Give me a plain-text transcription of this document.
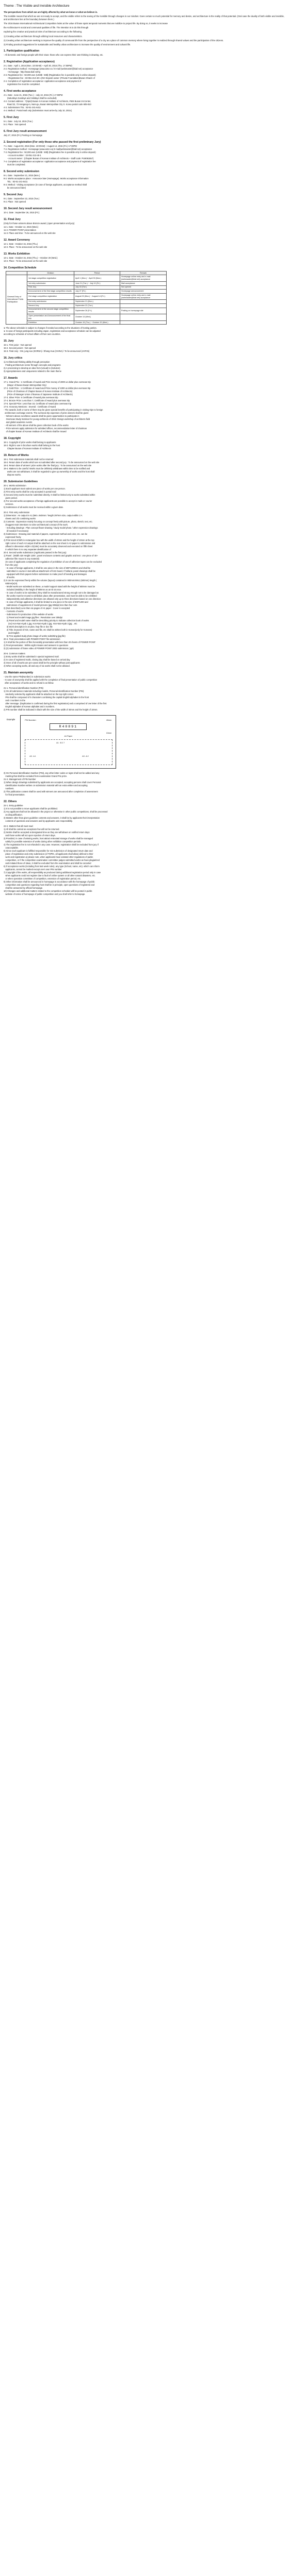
Theme : The Visible and Invisible Architecture

The perspectives from which we are highly affected by what we know or what we believe in.

The invisible means that which we are not ready to accept, and the visible refers to the seeing of the invisible through changes in our mindset. Goes certain so much potential for memory and desire, and architecture is the reality of that potential. (Oral case the duality of both visible and invisible, and architecture lies at the boundary between them.)

The 2016 Busan International Architectural Competition looks at the value of those spots temporal moments that we mobilize to project life. By doing so, it seeks to increase

the Architecture's social and communal qualities of life. The intention is to do this through

exploring the creative and practical roles of architecture according to the following.

1) Creating urban architecture through utilizing local resources and characteristics.

2) Creating urban architecture seeking to improve the quality of communal life from the perspective of a city as a place of common memory where living together is realized through shared values and the participation of the citizens.

3) Finding practical suggestions for sustainable and healthy urban architecture to increase the quality of environment and cultural life.

1. Participation qualification
- All domestic and foreign people with their visas: those who can express their own thinking in drawing, etc.
2. Registration (Application acceptance)
2-1. Date : April 1, 2016 (Mon. 10:00AM) ~ April 30, 2016 (Thu. 17:00PM)
2-2. Registration method : Homepage (www.aimz.eu / E-mail (webmaster@biaf.net) acceptance
- Homepage : http://www.biaf.net/rg
2-3. Registration fee : 50,000 won (USD$ : 50$) (Registration fee is possible only in online deposit)
- Registration fee : 33-051-213-40-1 (NH Deposit owner: (Private Foundation)Busan Shanzi of
2-4. Completion of registration acceptance: Application acceptance and payment of
registration fee must be completed.
4. First works acceptance
4-1. Date : June 21, 2015 (Tue.) ~ July 10, 2015 (Fri.) 17:00PM
(Saturdays Sundays and Holidays shall be excluded)
4-2. Contact address : 7(zipid) Busan in Korean Institute of Architects, #504 Busan Int.Center,
Road 22, 72 Hangang-ro, Nam-gu, Busan Metropolitan City S. Korea postal code 605-810
4-3. Submissions TEL : 82-51-241-6411
4-4. Method : Postal mail only (Submission must arrive by July 10, 2015.)
5. First Jury
5-1. Date : July 18, 2015 (Tue.)
5-2. Place : Not opened
6. First Jury result announcement
July 27, 2015 (Fri.) Posting on homepage
2. Second registration (For only those who passed the first preliminary Jury)
7-1. Date : August 03, 2015 (Mon. 10:00AM) ~ August 14, 2015 (Fri.) 17:00PM
7-2. Registration method : Homepage (www.aimz.eu) E-mail(webmaster@biaf.net) acceptance
7-3. Registration fee : 50,000 won (USD$ : 50$) (Registration fee is possible only in online deposit)
- Account number : 33-051-213-40-1
- Account owner : (Chapter Busan of Korean Institute of Architects + Staff code: PU9091557)
7-4. Completion of registration acceptance: Application acceptance and payment of registration fee
must be completed.
8. Second entry submission
8-1. Date : September 21, 2015 (Mon.)
8-2. Works acceptance place : Announce later (Homepage). Works acceptance information
TEL : 82-51-241-6411
8-3. Method : Visiting acceptance (in case of foreign applicants, acceptance method shall
be announced later)
9. Second Jury
9-1. Date : September 22, 2015 (Tue.)
9-2. Place : Not opened
10. Second Jury result announcement
10-1. Date : September 26, 2015 (Fri.)
11. Final Jury
(Only for those winners above Bronze award, (open presentation and jury)
11-1. Date : October 14, 2015 (Wed.)
11-2. POWER POINT presentation
11-3. Place and time : To be announced on the web site
12. Award Ceremony
12-1. Date : October 15, 2015 (Thu.)
12-2. Place : To be announced on the web site
13. Works Exhibition
13-1. Date : October 15, 2015 (Thu.) ~ October 20 (Wed.)
13-2. Place : To be announced on the web site
14. Competition Schedule
	Division	Period	Remark
General Entry of International Public Participation	1st stage competition registration	April 1 (Mon.) ~ April 30 (Mon.)	Homepage online entry and e-mail (webmaster@biaf.net) acceptance
	1st entry submission	June 21 (Tue.) ~ July 10 (Fri.)	Mail acceptance
	First Jury	July 18 (Tue.)	Not opened
	Announcement of the first stage competition results	July 27 (Fri.)	Homepage announcement
	2nd stage competition registration	August 03 (Mon.) ~ August 14 (Fri.)	Homepage online entry and e-mail (webmaster@biaf.net) acceptance
	2nd entry submission	September 21 (Mon.)	
	Second Jury	September 22 (Tue.)	
	Announcement of the second stage competition results	September 26 (Fri.)	Posting on homepage site
	Open presentation and Announcement of the final jury	October 14 (Wed.)	
	Exhibition	October 15 (Thu.) ~ October 20 (Wed.)	
※ The above schedule is subject to changes if needed according to the situations of hosting parties.
※ In case of foreign participants including Japan, registration and acceptance schedule can be adjusted
according to schedule of school affairs of their own countries.
15. Jury
15-1. First junior : Not opened
15-2. Second juniors : Not opened
15-3. Final Jury : Ont, jung-soo (KOREA) / Zhang Hua (CHINA) / To be announced (JAPAN)
16. Jury critics
1) Architectural thinking ability through perception
Finding architecture vector through concepts and programs
2) A processing to develop an idea from (visual) to (Solution)
3) Appropriateness and uniqueness related to the main theme
17. Awards
17-1. Grand Prix : 1 Certificate of Award and Prize money of 2000 us dollar plus overseas trip
(Mayor of Busan Busan Metropolitan City)
17-2. Gold Prize : 1 Certificate of Award and Prize money of 1000 us dollar plus overseas trip
(Prize of Chairman of Chapter Busan of Korean Institute of Architects)
(Prize of Manager Union of Bureau of Japanese Institute of Architects)
17-3. Silver Prize: 6 Certificate of Award plus overseas trip
17-4. Bronze Prize: Less than 7, Certificate of Award plus overseas trip
17-5. Special Prize: Less than 18, Certificate of Award plus overseas trip
17-6. Honorary Mentions : Several : Certificate of Award
- The awards, both or some of them may be given special benefits of participating in visiting trips to foreign
architecture exchange events. The overseas trip expenses of prize winners shall be given:
- Winners above excellence awards shall be given opportunities to participate in
Overseas Study Seminar for young architects of 2015: Design workshop of architects field
and global academic events
- All winners of the above shall be given collection book of the works
- Prize winners apply admission for admitted offices, recommendation letter of chairman
of chapter Busan of Korean Institute of Architects shall be issued
18. Copyright
18-1. Copyright of prize works shall belong to applicants
18-2. Right to use in brochure works shall belong to the host
Chapter Busan of Korean Institute of Architects
19. Return of Works
19-1. First submission materials shall not be returned
19-2. Return date of works which are not admitted after second jury : To be announced on the web site
19-3. Return date of winners' prize works after the final jury : To be announced on the web site
19-4. Matters to be careful: Works must be definitely withdrawn within time to be notified and
works are not withdrawn, it shall be regarded to give up ownership of works and the host shall
dispose works.
20. Submission Guidelines
20-1. Works submission
1) Each applicant must submit one piece of works per one person.
2) First entry works shall be only accepted in postal mail
3) Second entry works must be submitted directly. It shall be limited only to works submitted within
given period.
4) For second works acceptance of foreign applicants are possible to accept in mails or courier
services.
5) Submission of all works must be received within a given date.
20-2. First entry submission
1) Dimension : An output in A1 (594 x 840mm / length 297mm size, output within 2 A
sheets and 2/2 combining works
2) Contents : Expression mainly focusing on concept freely with picture, photo, sketch, text, etc.
(Suggest main intentions to solve architectural concept of the work.
- Including drawings : Plan concept flower drawing / study model photo / other expression drawings
(if needed if necessary)
3) Submission : Drawing and material of papers, expressed method and color, etc. can be
expressed freely.
4) Print sized 2/3Wh is rectangular box with the width of 40mm and the height of 10mm at the top
right corner of each A3 output shall be attached on the rear sheet in A3 paper to submission and
affixed in dimension A0(W x D(18m) must be accurately observed and executed on fifth sheet
in which there is no any separate identification of
20-3. Second works submission (Applicants passed in the first jury)
1) Panel : (Width 420 Height 1200 ; panel enclosure contents and graphic and text : one piece of 40+
adhesive film mount in any material)
(In case of applicants completing the regulation of prohibition of use of adhesive tapes can be excluded
from the jury)
- In case of foreign applicants, it shall be one piece in the size of 600*1200mm and shall be
submitted in course in last without attachment of form board. If holland, panel drawings shall be
equipped with thick papers before submission to make proof of bending and damages
of works.
2) It can be expressed freely within the volume (layout) contained in 900mmXWx1 (600mm) length (
600mm)x(H).
- Model works are submitted on these, a model support stand with the height of 600mm must be
included (Mobility in the height of 900mm as an ID at once.
- In case of works to be submitted, they shall be manufactured strong enough not to be damaged as
the works must be moved to exhibition place after presentation, and must be able to be exhibited
independently and adhesive directions are allowed only up to three directions based on one direction
- In case of foreign applicants, it shall be limited to one piece in the size of 600*1200 and
submission of supplement of model pictures (jpg 300dpi) less than four cuts
3) (Not described) Less than six pages of A4 paper : Cover is excepted
- Contents of works
- Submission for production of the website of works
1) Panel and model image jpg files : Resolution over 300dpi
2) Panel and model name shall be describing priority to indicate collection book of works
(ex) Hon-Nan-Kyak 1.jpg, Hon-Nan-Kyak 2.jpg, Hon-Nan-Kyak 3.jpg... etc
3) Work description in an plan, hwp file or doc file
4) Title, keyword of ICE, name and file, etc shall be written both in Korean(only for Koreans)
and English
5) Free applied study photo image of works submitting (jpg file)
20-4. Final presentation with POWER POINT file submission
1) It shall be the portion of files honorably presentation with less than 20 sheets of POWER POINT
2) Final presentation : Within eight minutes and answers to questions
3) (2) submission of frame video of POWER POINT 2003 submission (.ppt)
20-5. Common matters
1) Entry works shall be submitted in special registered mail.
2) In case of registered mails, closing day shall be based on arrival day
3) Ones of all of works are pre-cases shall be the principle without joint applicants
4) When accepting works, all and any of six works shall not be allowed.
21. Maintain anonymity
- Use the same PIN(Number) in submission works
- In case of anonymity shall be applied with the completion of final presentation of public competition
after acceptance of works and no refund is as follow.
21-1. Personal identification Number (PIN)
1) On all submission materials including models, Personal Identification Number (PIN)
randomly selected by applicants shall be attached on the top right corner.
PIN shall be composed of 5 characters combining the capital English alphabet in the front
and 4 numbers in the
after message. (Duplication is confirmed during the first registration) and a comprised of one letter of the first
English alphabet of Korean alphabet and 4 numbers.
2) PIN number shall be indicated in black with the size of the width of 40mm and the height of 10mm.
Example	PIN Number :	40mm
R40891
10mm
A1 Paper
A1 : B 2 7
A3 : A 1	A3 : A 2
3) On Personal Identification Number (PIN), any other letter codes or signs shall not be added and any
marking that shall be excluded from examination Grand Prix prize.
21-2. Management of PIN Number
1) When design drawings submitted by applicants are accepted, accepting persons shall cover Personal
Identification Number written on submission material with an extra written and accepting
numbers.
2) This publication contest shall be used with winners are announced after completion of assessment
for final presentation.
22. Others
22-1. Entry guideline
1) It is not possible to move applicants shall be prohibited.
2) Any applicant shall not be allowed in the project or otherwise in other public competitions, shall be processed
as disqualification.
3) Matters other than given guideline contents and answers, it shall be by applicants their interpretation
contents of questions and answers and by applicants own responsibility.
22-2. Matters that all must read
1) All shall be carried as exceptions few will not be returned.
2) Works shall be accepted at designated time as they are withdrawn on notified return days
and those works will act upon rejection of return days.
3) Provided, in case of winning works, host attract entrusted storage of works shall be managed
safely for possible extension of works during other exhibition competition periods.
4) The registration fee is not refunded in any case. However, registration shall be excluded from jury if
unacceptable.
5) Since each applicant is fulfilled responsible for mis-submission of designated return date and
place of registration and entry submission (of TOPIK, all applicants shall allow) defined to their
work and registration a) please note, when applicants have violated other regulations of public
competition, or if the competition examination committee judges submitted works as have plagiarized
and imitated those of ideas, it shall be excluded from the examination and shall be canceled
6) If acceptance works (including from last week rules), any type (School, name, etc). which can inform
applicants, cannot be marked except one's own PIN number
7) Copyright of the works, all responsibility as produced during additional registration period only in case
when applicants could not register due to fault of online system or all other natural disasters, etc.
or when operation committee of competition, extension of registration period, etc.
9) Other information shall be announced in homepage in accordance with the homepage of public
competition and questions regarding host shall be in principle, open questions of registered and
shall be answered by official homepage.
10) Changes and additional matters related to the competition schedule will be posted in public
website of notice of homepage of public competition and you shall refer to homepage.
